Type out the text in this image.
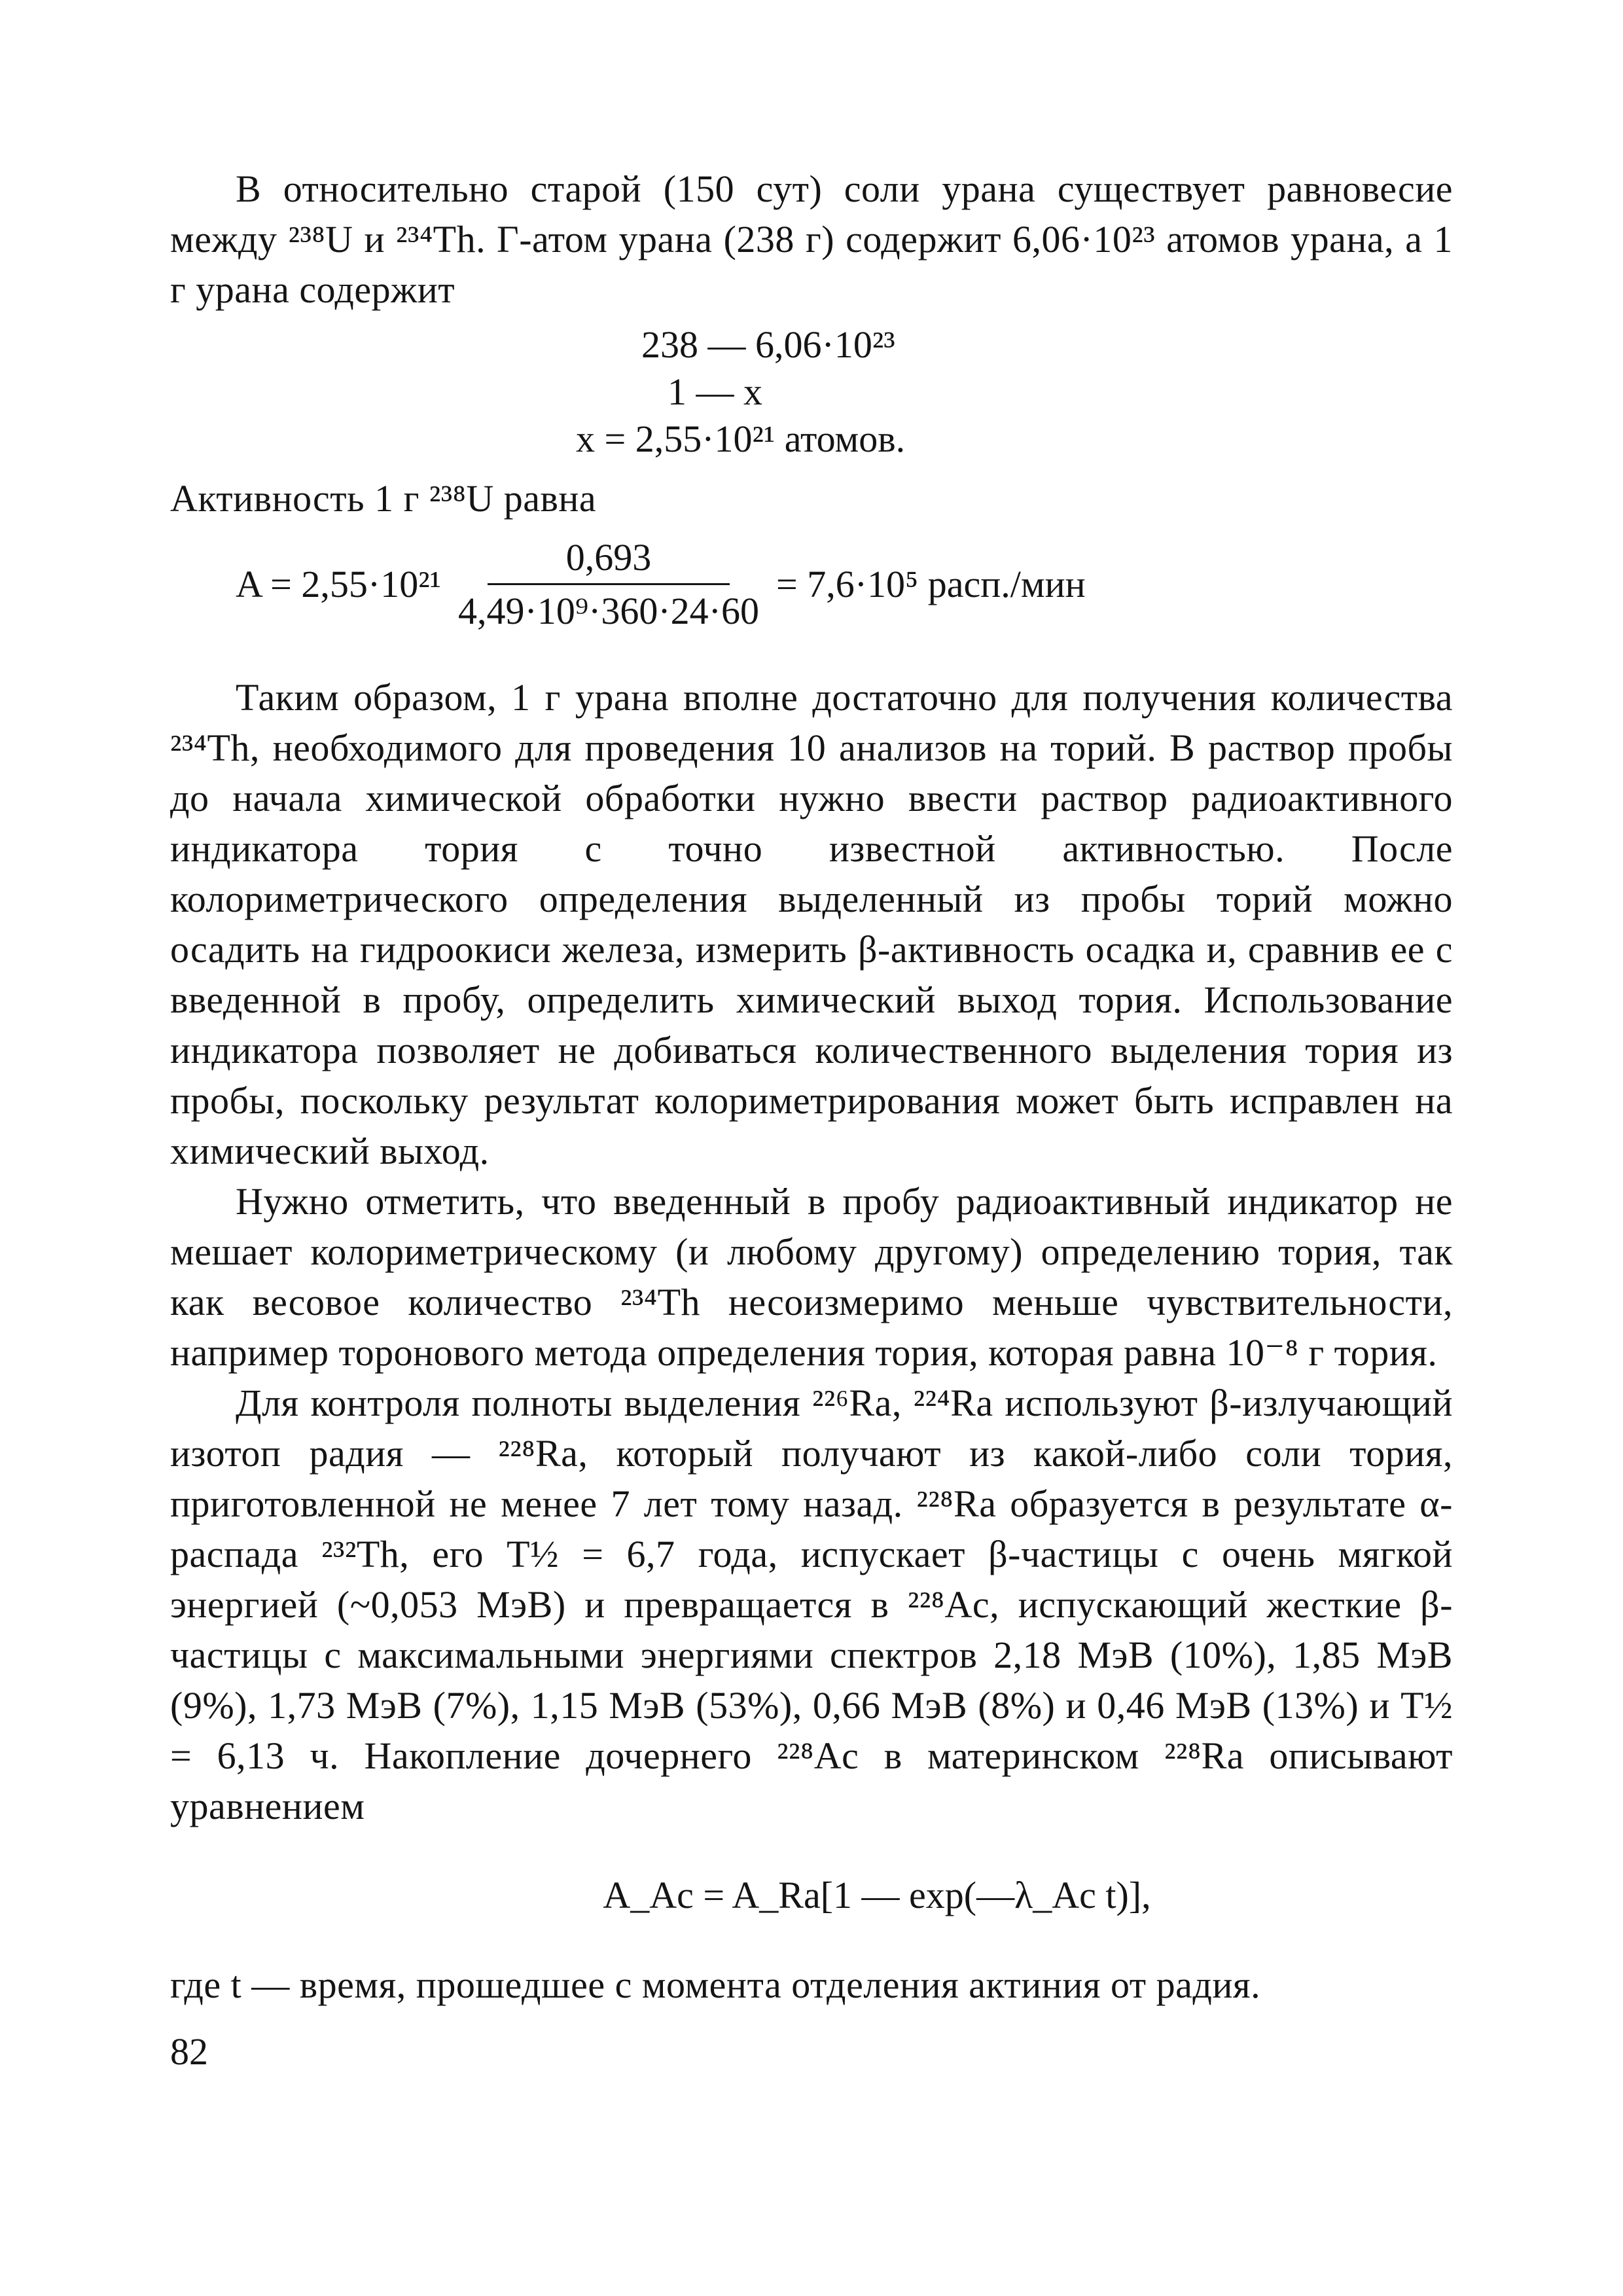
В относительно старой (150 сут) соли урана существует равновесие между ²³⁸U и ²³⁴Th. Г-атом урана (238 г) содержит 6,06·10²³ атомов урана, а 1 г урана содержит

238 — 6,06·10²³

1 — x

x = 2,55·10²¹ атомов.

Активность 1 г ²³⁸U равна

$A = 2,55\cdot 10^{21} \frac{0,693}{\text{4,49·10⁹·360·24·60}} = 7,6\cdot 10^5$ расп./мин

Таким образом, 1 г урана вполне достаточно для получения количества ²³⁴Th, необходимого для проведения 10 анализов на торий. В раствор пробы до начала химической обработки нужно ввести раствор радиоактивного индикатора тория с точно известной активностью. После колориметрического определения выделенный из пробы торий можно осадить на гидроокиси железа, измерить β-активность осадка и, сравнив ее с введенной в пробу, определить химический выход тория. Использование индикатора позволяет не добиваться количественного выделения тория из пробы, поскольку результат колориметрирования может быть исправлен на химический выход.

Нужно отметить, что введенный в пробу радиоактивный индикатор не мешает колориметрическому (и любому другому) определению тория, так как весовое количество ²³⁴Th несоизмеримо меньше чувствительности, например торонового метода определения тория, которая равна 10⁻⁸ г тория.

Для контроля полноты выделения ²²⁶Ra, ²²⁴Ra используют β-излучающий изотоп радия — ²²⁸Ra, который получают из какой-либо соли тория, приготовленной не менее 7 лет тому назад. ²²⁸Ra образуется в результате α-распада ²³²Th, его T½ = 6,7 года, испускает β-частицы с очень мягкой энергией (~0,053 МэВ) и превращается в ²²⁸Ac, испускающий жесткие β-частицы с максимальными энергиями спектров 2,18 МэВ (10%), 1,85 МэВ (9%), 1,73 МэВ (7%), 1,15 МэВ (53%), 0,66 МэВ (8%) и 0,46 МэВ (13%) и T½ = 6,13 ч. Накопление дочернего ²²⁸Ac в материнском ²²⁸Ra описывают уравнением

A_Ac = A_Ra[1 — exp(—λ_Ac t)],

где t — время, прошедшее с момента отделения актиния от радия.

82
